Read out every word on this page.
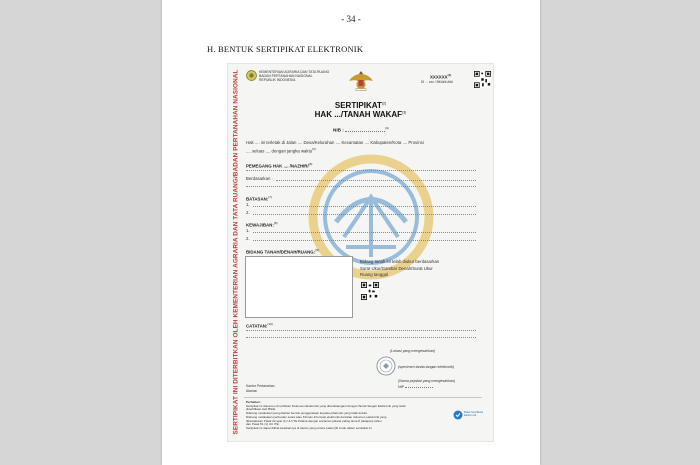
- 34 -
H. BENTUK SERTIPIKAT ELEKTRONIK
SERTIPIKAT INI DITERBITKAN OLEH KEMENTERIAN AGRARIA DAN TATA RUANG/BADAN PERTANAHAN NASIONAL	KEMENTERIAN AGRARIA DAN TATA RUANG
BADAN PERTANAHAN NASIONAL
REPUBLIK INDONESIA
XXXXXX$^{(1)}$
DI ... xxx / BK###.###
SERTIPIKAT$^{(2)}$
HAK .../TANAH WAKAF$^{(3)}$
NIB :	$^{(4)}$
Hak .... ini terletak di Jalan .... Desa/Kelurahan .... Kecamatan .... Kabupaten/Kota .... Provinsi
.... seluas .... dengan jangka waktu$^{(5)}$
PEMEGANG HAK .... /NAZHIR/$^{(6)}$
Berdasarkan
BATASAN:$^{(7)}$
1.
2.
KEWAJIBAN:$^{(8)}$
1.
2.
BIDANG TANAH/DENAH/RUANG:$^{(9)}$
Bidang tanah ini telah diukur berdasarkan
Surat Ukur/Gambar Denah/Surat Ukur
Ruang tanggal
CATATAN:$^{(10)}$
(Lokasi yang mengesahkan)
(specimen tanda tangan elektronik)
(Nama pejabat yang mengesahkan)
NIP
Kantor Pertanahan
Alamat
Perhatian :
Sertipikat ini dokumen di terbitkan Dokumen Elektronik yang ditandatangani dengan Tanda Tangan Elektronik yang telah
disertifikasi oleh BSrE.
Dilarang melakukan pengubahan bentuk penggandaan kepada pihak lain yang tidak terkait.
Dilarang melakukan perbuatan suara atau Kiriman Informasi elektronik dan/atau dokumen elektronik yang
diberlakukan Pasal 32 ayat (1) UU ITE Pidana dengan ancaman pidana paling lama 8 (delapan) tahun
dan Pasal 51 (1) UU ITE.
Sertipikat ini dapat dilihat keasliannya di tautan yang tertera pada QR Code dalam sertipikat ini
Balai Sertifikasi Elektronik
